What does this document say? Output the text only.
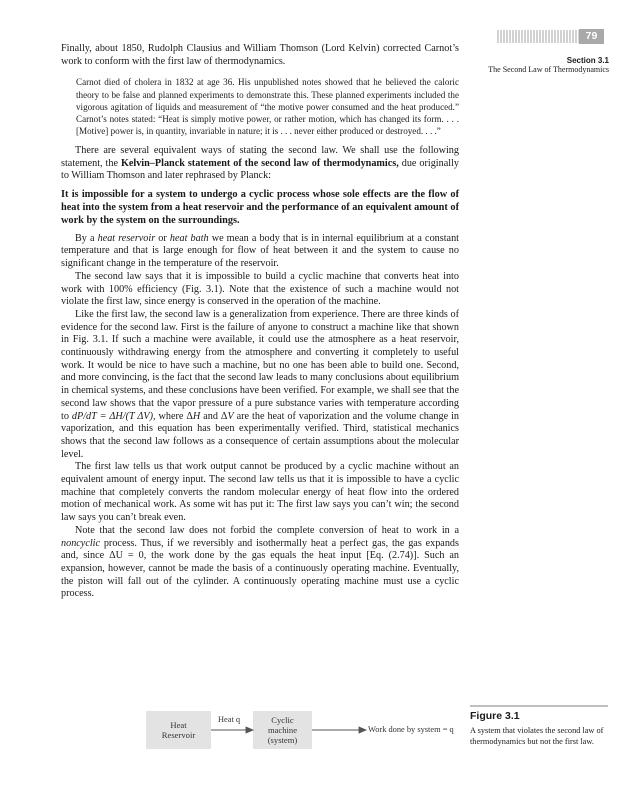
79
Section 3.1
The Second Law of Thermodynamics

Finally, about 1850, Rudolph Clausius and William Thomson (Lord Kelvin) corrected Carnot’s work to conform with the first law of thermodynamics.

Carnot died of cholera in 1832 at age 36. His unpublished notes showed that he believed the caloric theory to be false and planned experiments to demonstrate this. These planned experiments included the vigorous agitation of liquids and measurement of “the motive power consumed and the heat produced.” Carnot’s notes stated: “Heat is simply motive power, or rather motion, which has changed its form. . . . [Motive] power is, in quantity, invariable in nature; it is . . . never either produced or destroyed. . . .”

There are several equivalent ways of stating the second law. We shall use the following statement, the Kelvin–Planck statement of the second law of thermodynamics, due originally to William Thomson and later rephrased by Planck:

It is impossible for a system to undergo a cyclic process whose sole effects are the flow of heat into the system from a heat reservoir and the performance of an equivalent amount of work by the system on the surroundings.

By a heat reservoir or heat bath we mean a body that is in internal equilibrium at a constant temperature and that is large enough for flow of heat between it and the system to cause no significant change in the temperature of the reservoir.

The second law says that it is impossible to build a cyclic machine that converts heat into work with 100% efficiency (Fig. 3.1). Note that the existence of such a machine would not violate the first law, since energy is conserved in the operation of the machine.

Like the first law, the second law is a generalization from experience. There are three kinds of evidence for the second law. First is the failure of anyone to construct a machine like that shown in Fig. 3.1. If such a machine were available, it could use the atmosphere as a heat reservoir, continuously withdrawing energy from the atmosphere and converting it completely to useful work. It would be nice to have such a machine, but no one has been able to build one. Second, and more convincing, is the fact that the second law leads to many conclusions about equilibrium in chemical systems, and these conclusions have been verified. For example, we shall see that the second law shows that the vapor pressure of a pure substance varies with temperature according to dP/dT = ΔH/(T ΔV), where ΔH and ΔV are the heat of vaporization and the volume change in vaporization, and this equation has been experimentally verified. Third, statistical mechanics shows that the second law follows as a consequence of certain assumptions about the molecular level.

The first law tells us that work output cannot be produced by a cyclic machine without an equivalent amount of energy input. The second law tells us that it is impossible to have a cyclic machine that completely converts the random molecular energy of heat flow into the ordered motion of mechanical work. As some wit has put it: The first law says you can’t win; the second law says you can’t break even.

Note that the second law does not forbid the complete conversion of heat to work in a noncyclic process. Thus, if we reversibly and isothermally heat a perfect gas, the gas expands and, since ΔU = 0, the work done by the gas equals the heat input [Eq. (2.74)]. Such an expansion, however, cannot be made the basis of a continuously operating machine. Eventually, the piston will fall out of the cylinder. A continuously operating machine must use a cyclic process.

Heat
Reservoir
Cyclic
machine
(system)
Heat q
Work done by system = q
Figure 3.1
A system that violates the second law of thermodynamics but not the first law.
